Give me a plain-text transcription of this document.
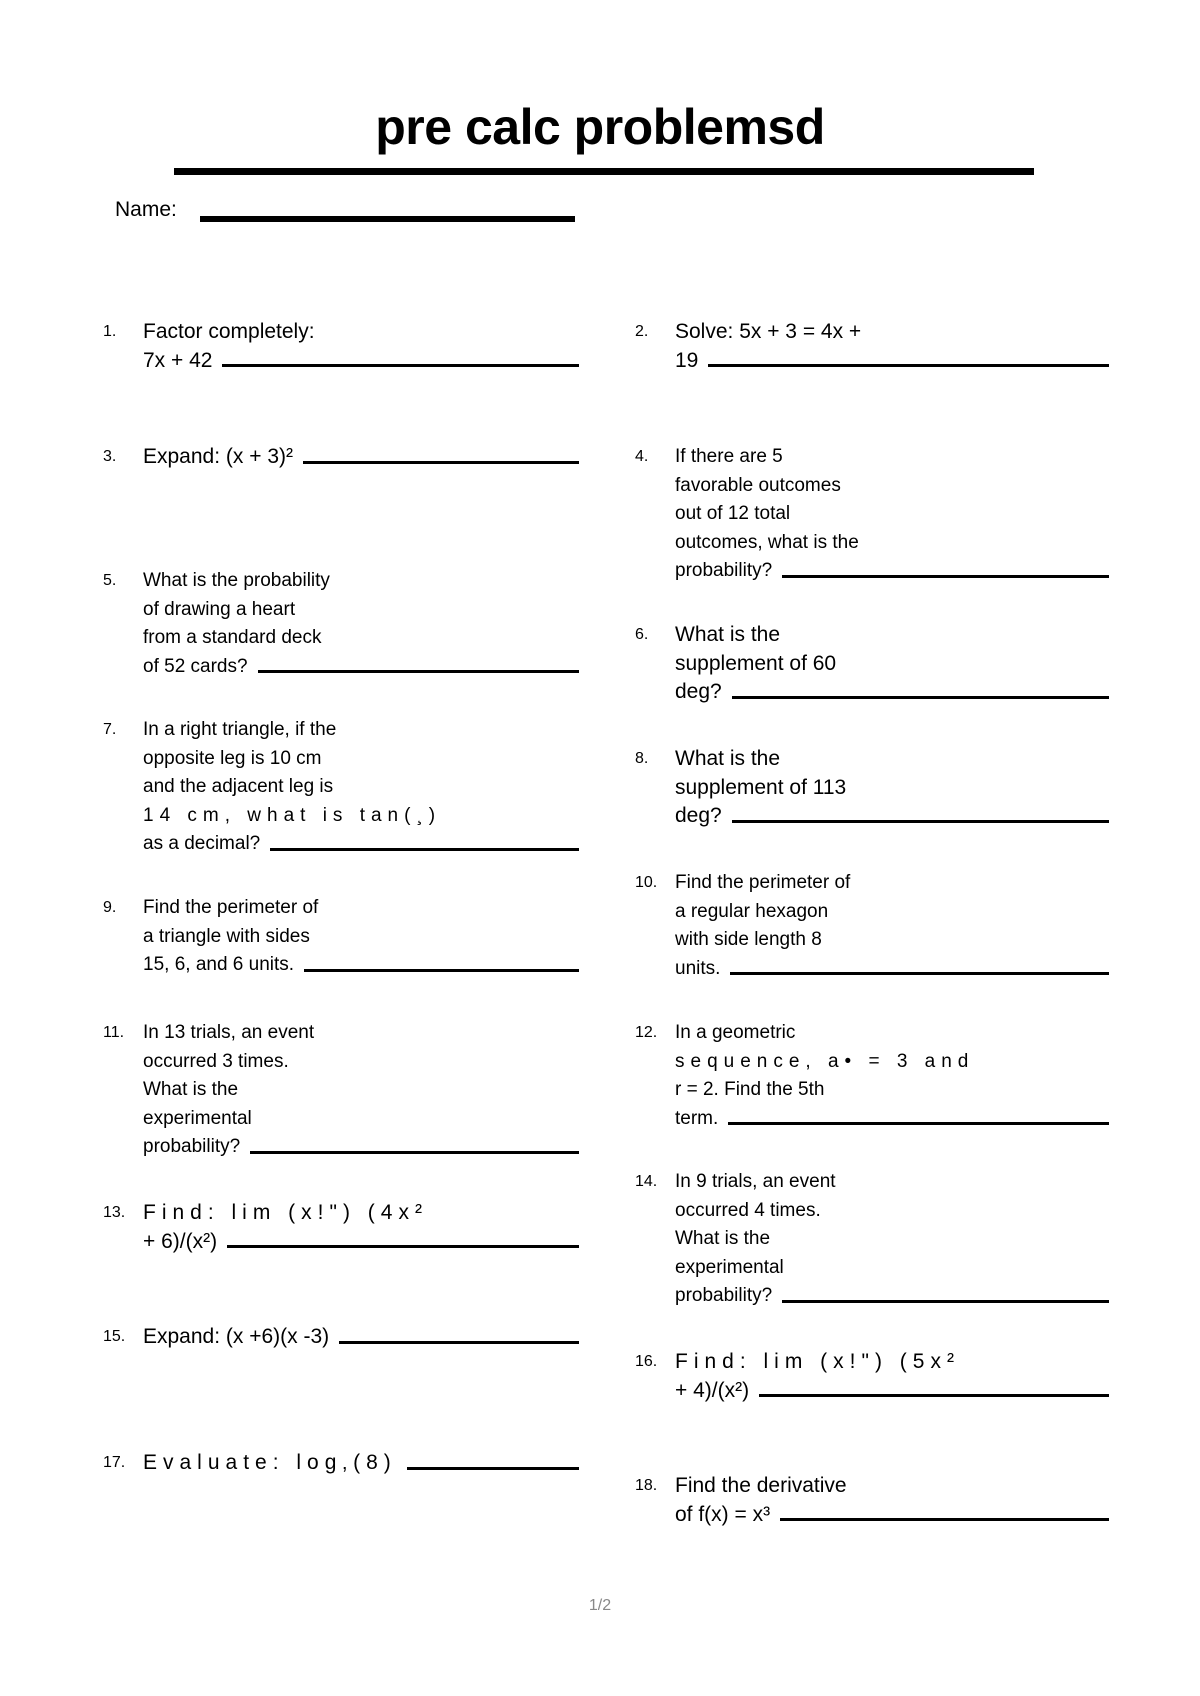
pre calc problemsd
Name:
1. Factor completely:
7x + 42
2. Solve: 5x + 3 = 4x +
19
3. Expand: (x + 3)²	4. If there are 5
favorable outcomes
out of 12 total
outcomes, what is the
probability?
5. What is the probability
of drawing a heart
from a standard deck
of 52 cards?
6. What is the
supplement of 60
deg?
7. In a right triangle, if the
opposite leg is 10 cm
and the adjacent leg is
14 cm, what is tan(¸)
as a decimal?
8. What is the
supplement of 113
deg?
9. Find the perimeter of
a triangle with sides
15, 6, and 6 units.
10. Find the perimeter of
a regular hexagon
with side length 8
units.
11. In 13 trials, an event
occurred 3 times.
What is the
experimental
probability?
12. In a geometric
sequence, a• = 3 and
r = 2. Find the 5th
term.
13. Find: lim (x!") (4x²
+ 6)/(x²)
14. In 9 trials, an event
occurred 4 times.
What is the
experimental
probability?
15. Expand: (x +6)(x -3)
16. Find: lim (x!") (5x²
+ 4)/(x²)
17. Evaluate: log‚(8)
18. Find the derivative
of f(x) = x³
1/2
